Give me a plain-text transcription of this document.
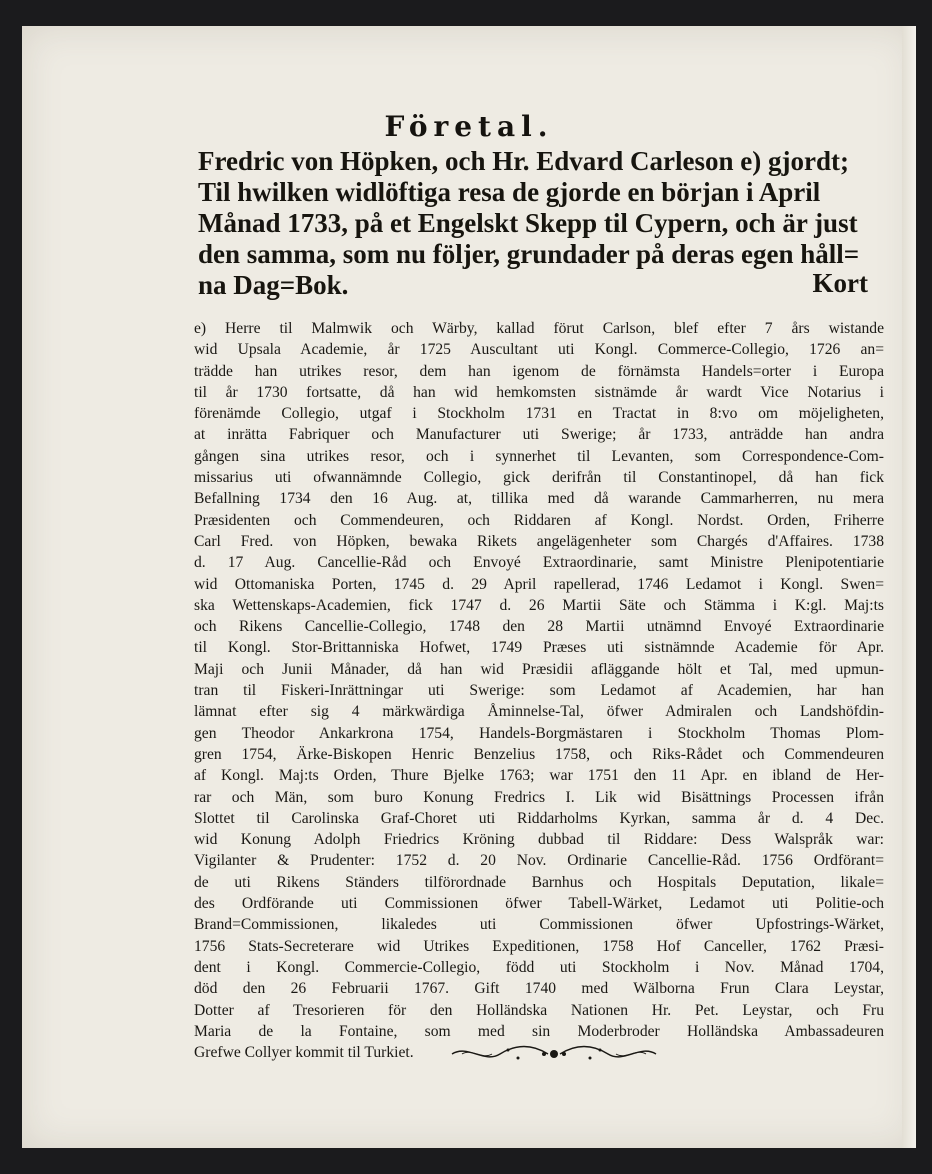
Företal.
Fredric von Höpken, och Hr. Edvard Carleson e) gjordt;
Til hwilken widlöftiga resa de gjorde en början i April
Månad 1733, på et Engelskt Skepp til Cypern, och är just
den samma, som nu följer, grundader på deras egen håll=
na Dag=Bok.	Kort
e) Herre til Malmwik och Wärby, kallad förut Carlson, blef efter 7 års wistande
wid Upsala Academie, år 1725 Auscultant uti Kongl. Commerce-Collegio, 1726 an=
trädde han utrikes resor, dem han igenom de förnämsta Handels=orter i Europa
til år 1730 fortsatte, då han wid hemkomsten sistnämde år wardt Vice Notarius i
förenämde Collegio, utgaf i Stockholm 1731 en Tractat in 8:vo om möjeligheten,
at inrätta Fabriquer och Manufacturer uti Swerige; år 1733, anträdde han andra
gången sina utrikes resor, och i synnerhet til Levanten, som Correspondence-Com-
missarius uti ofwannämnde Collegio, gick derifrån til Constantinopel, då han fick
Befallning 1734 den 16 Aug. at, tillika med då warande Cammarherren, nu mera
Præsidenten och Commendeuren, och Riddaren af Kongl. Nordst. Orden, Friherre
Carl Fred. von Höpken, bewaka Rikets angelägenheter som Chargés d'Affaires. 1738
d. 17 Aug. Cancellie-Råd och Envoyé Extraordinarie, samt Ministre Plenipotentiarie
wid Ottomaniska Porten, 1745 d. 29 April rapellerad, 1746 Ledamot i Kongl. Swen=
ska Wettenskaps-Academien, fick 1747 d. 26 Martii Säte och Stämma i K:gl. Maj:ts
och Rikens Cancellie-Collegio, 1748 den 28 Martii utnämnd Envoyé Extraordinarie
til Kongl. Stor-Brittanniska Hofwet, 1749 Præses uti sistnämnde Academie för Apr.
Maji och Junii Månader, då han wid Præsidii afläggande hölt et Tal, med upmun-
tran til Fiskeri-Inrättningar uti Swerige: som Ledamot af Academien, har han
lämnat efter sig 4 märkwärdiga Åminnelse-Tal, öfwer Admiralen och Landshöfdin-
gen Theodor Ankarkrona 1754, Handels-Borgmästaren i Stockholm Thomas Plom-
gren 1754, Ärke-Biskopen Henric Benzelius 1758, och Riks-Rådet och Commendeuren
af Kongl. Maj:ts Orden, Thure Bjelke 1763; war 1751 den 11 Apr. en ibland de Her-
rar och Män, som buro Konung Fredrics I. Lik wid Bisättnings Processen ifrån
Slottet til Carolinska Graf-Choret uti Riddarholms Kyrkan, samma år d. 4 Dec.
wid Konung Adolph Friedrics Kröning dubbad til Riddare: Dess Walspråk war:
Vigilanter & Prudenter: 1752 d. 20 Nov. Ordinarie Cancellie-Råd. 1756 Ordförant=
de uti Rikens Ständers tilförordnade Barnhus och Hospitals Deputation, likale=
des Ordförande uti Commissionen öfwer Tabell-Wärket, Ledamot uti Politie-och
Brand=Commissionen, likaledes uti Commissionen öfwer Upfostrings-Wärket,
1756 Stats-Secreterare wid Utrikes Expeditionen, 1758 Hof Canceller, 1762 Præsi-
dent i Kongl. Commercie-Collegio, född uti Stockholm i Nov. Månad 1704,
död den 26 Februarii 1767. Gift 1740 med Wälborna Frun Clara Leystar,
Dotter af Tresorieren för den Holländska Nationen Hr. Pet. Leystar, och Fru
Maria de la Fontaine, som med sin Moderbroder Holländska Ambassadeuren
Grefwe Collyer kommit til Turkiet.
